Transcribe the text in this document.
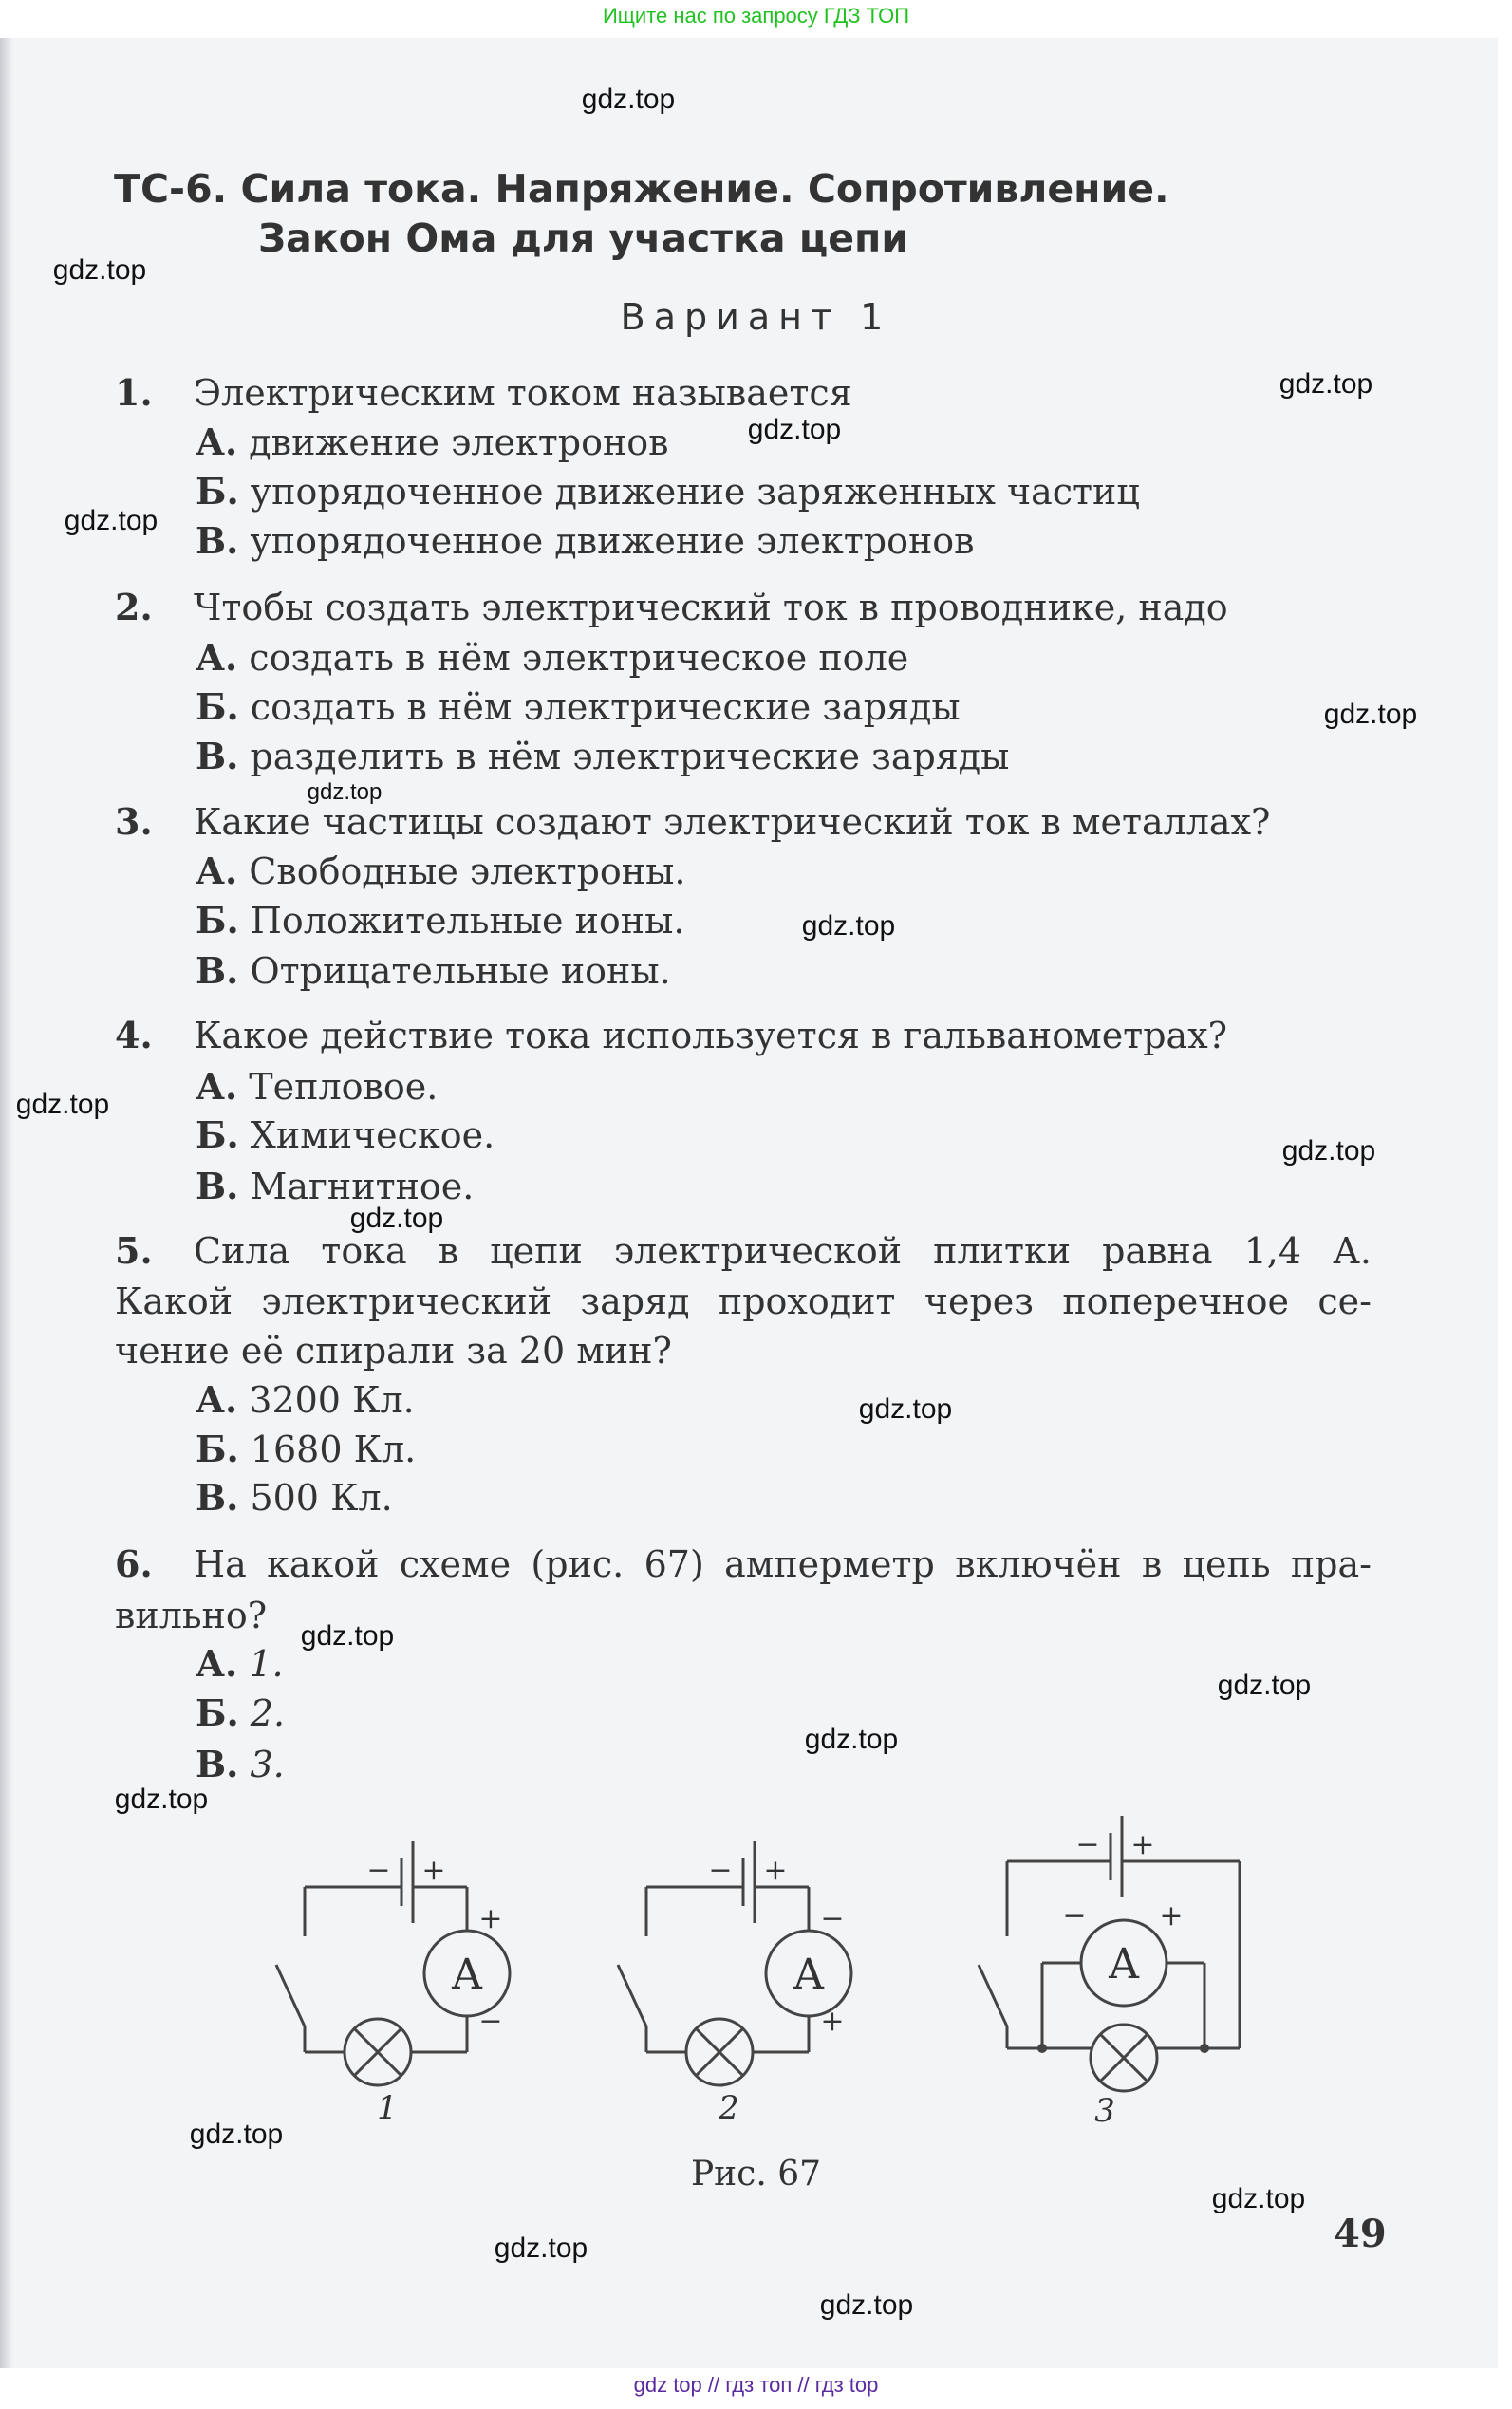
Ищите нас по запросу ГДЗ ТОП
ТС-6. Сила тока. Напряжение. Сопротивление.
Закон Ома для участка цепи
Вариант 1
1. Электрическим током называется
А. движение электронов
Б. упорядоченное движение заряженных частиц
В. упорядоченное движение электронов
2. Чтобы создать электрический ток в проводнике, надо
А. создать в нём электрическое поле
Б. создать в нём электрические заряды
В. разделить в нём электрические заряды
3. Какие частицы создают электрический ток в металлах?
А. Свободные электроны.
Б. Положительные ионы.
В. Отрицательные ионы.
4. Какое действие тока используется в гальванометрах?
А. Тепловое.
Б. Химическое.
В. Магнитное.
5. Сила тока в цепи электрической плитки равна 1,4 А.
Какой электрический заряд проходит через поперечное се-
чение её спирали за 20 мин?
А. 3200 Кл.
Б. 1680 Кл.
В. 500 Кл.
6. На какой схеме (рис. 67) амперметр включён в цепь пра-
вильно?
А. 1.
Б. 2.
В. 3.
− +
A
+
−
1
− +
A
−
+
2
− +
A
−	+
3
Рис. 67
49
gdz top // гдз топ // гдз top
gdz.top
gdz.top
gdz.top
gdz.top
gdz.top
gdz.top
gdz.top
gdz.top
gdz.top
gdz.top
gdz.top
gdz.top
gdz.top
gdz.top
gdz.top
gdz.top
gdz.top
gdz.top
gdz.top
gdz.top
